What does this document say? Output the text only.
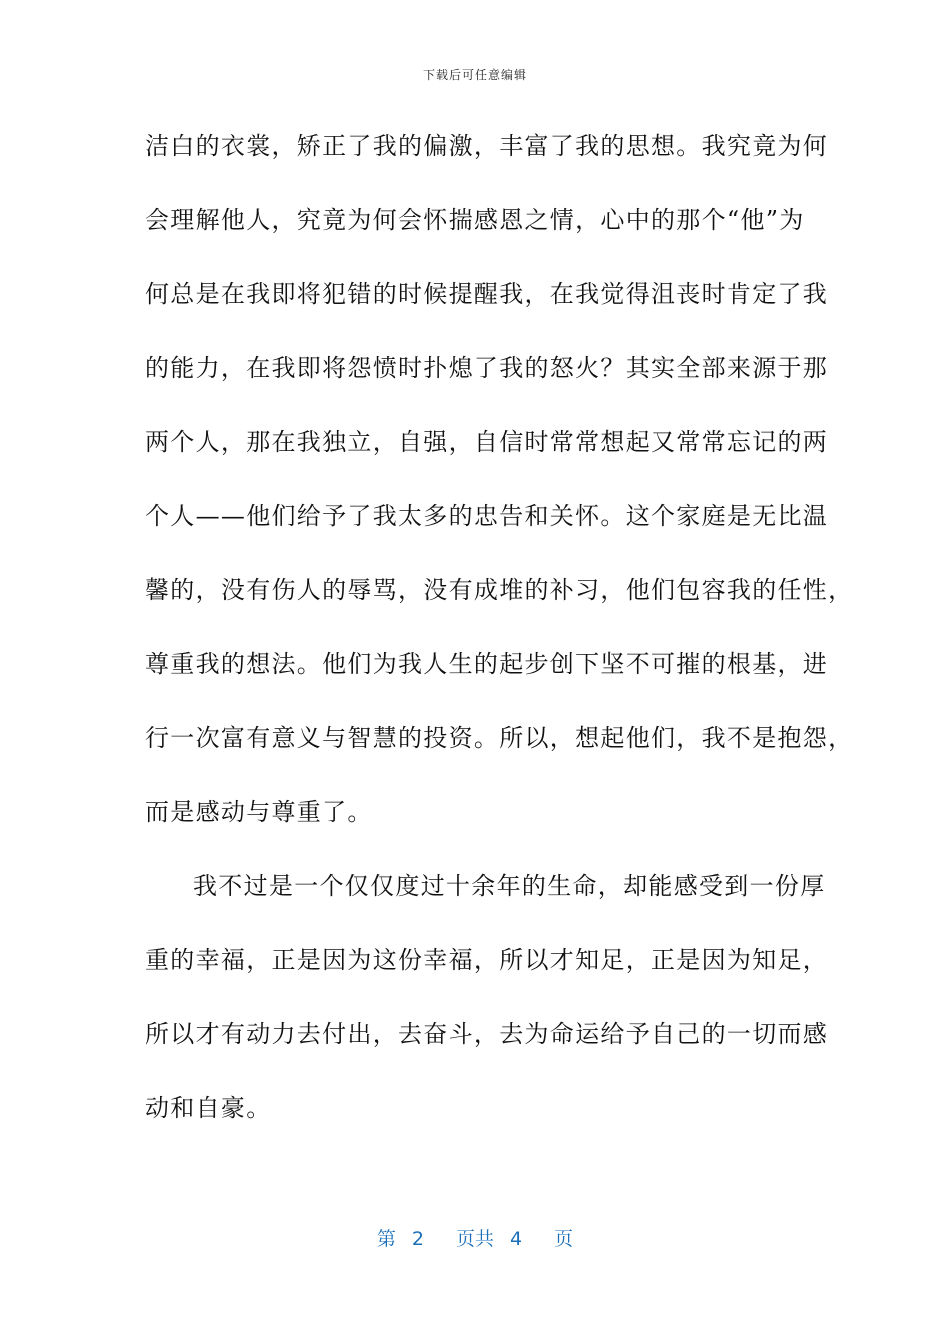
下载后可任意编辑
洁白的衣裳，矫正了我的偏激，丰富了我的思想。我究竟为何
会理解他人，究竟为何会怀揣感恩之情，心中的那个“他”为
何总是在我即将犯错的时候提醒我，在我觉得沮丧时肯定了我
的能力，在我即将怨愤时扑熄了我的怒火？其实全部来源于那
两个人，那在我独立，自强，自信时常常想起又常常忘记的两
个人——他们给予了我太多的忠告和关怀。这个家庭是无比温
馨的，没有伤人的辱骂，没有成堆的补习，他们包容我的任性，
尊重我的想法。他们为我人生的起步创下坚不可摧的根基，进
行一次富有意义与智慧的投资。所以，想起他们，我不是抱怨，
而是感动与尊重了。
我不过是一个仅仅度过十余年的生命，却能感受到一份厚
重的幸福，正是因为这份幸福，所以才知足，正是因为知足，
所以才有动力去付出，去奋斗，去为命运给予自己的一切而感
动和自豪。
第 2 页共 4 页
